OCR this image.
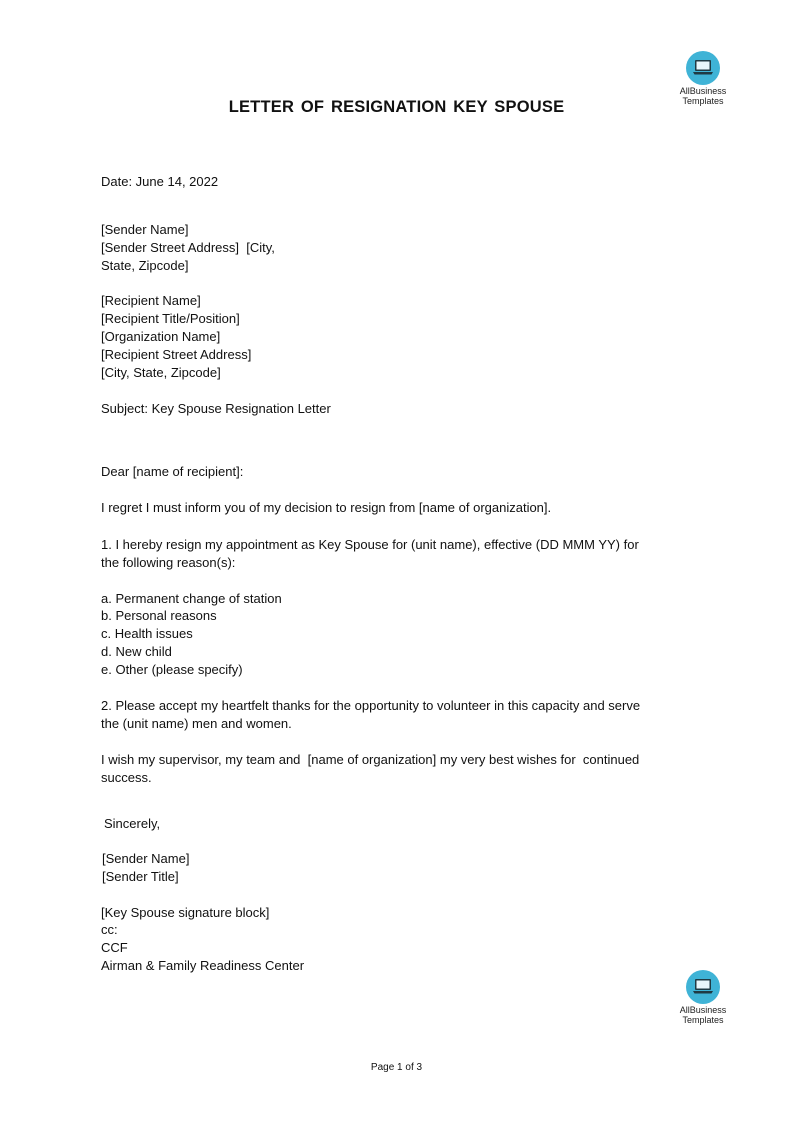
AllBusiness
Templates
LETTER OF RESIGNATION KEY SPOUSE
Date: June 14, 2022
[Sender Name]
[Sender Street Address]  [City,
State, Zipcode]
[Recipient Name]
[Recipient Title/Position]
[Organization Name]
[Recipient Street Address]
[City, State, Zipcode]
Subject: Key Spouse Resignation Letter
Dear [name of recipient]:
I regret I must inform you of my decision to resign from [name of organization].
1. I hereby resign my appointment as Key Spouse for (unit name), effective (DD MMM YY) for
the following reason(s):
a. Permanent change of station
b. Personal reasons
c. Health issues
d. New child
e. Other (please specify)
2. Please accept my heartfelt thanks for the opportunity to volunteer in this capacity and serve
the (unit name) men and women.
I wish my supervisor, my team and  [name of organization] my very best wishes for  continued
success.
Sincerely,
[Sender Name]
[Sender Title]
[Key Spouse signature block]
cc:
CCF
Airman & Family Readiness Center
AllBusiness
Templates
Page 1 of 3
